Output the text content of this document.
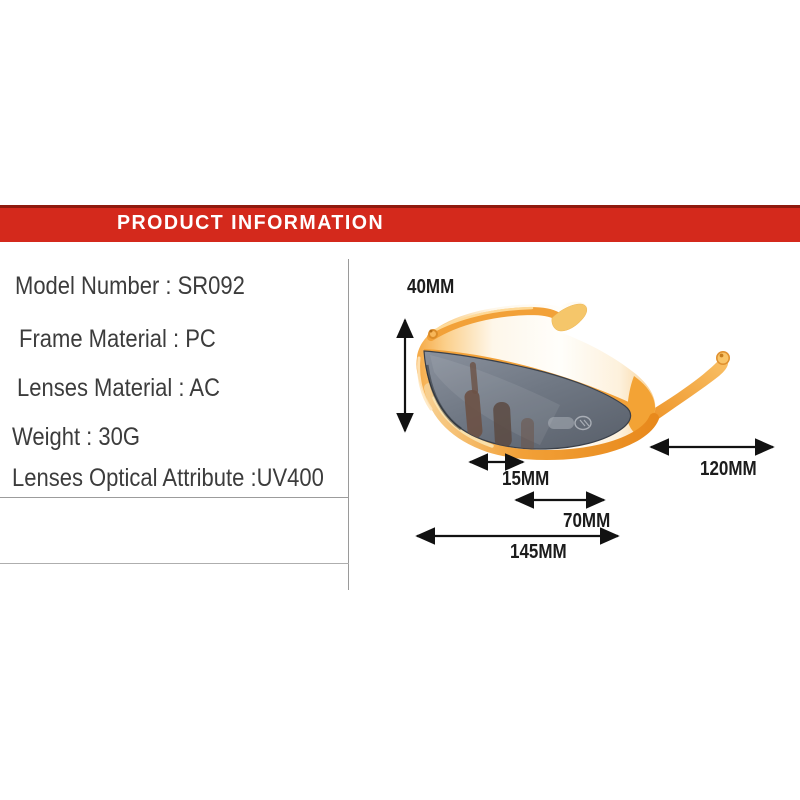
PRODUCT INFORMATION
Model Number : SR092
Frame Material : PC
Lenses Material : AC
Weight : 30G
Lenses Optical Attribute :UV400
40MM
15MM
70MM
145MM
120MM
